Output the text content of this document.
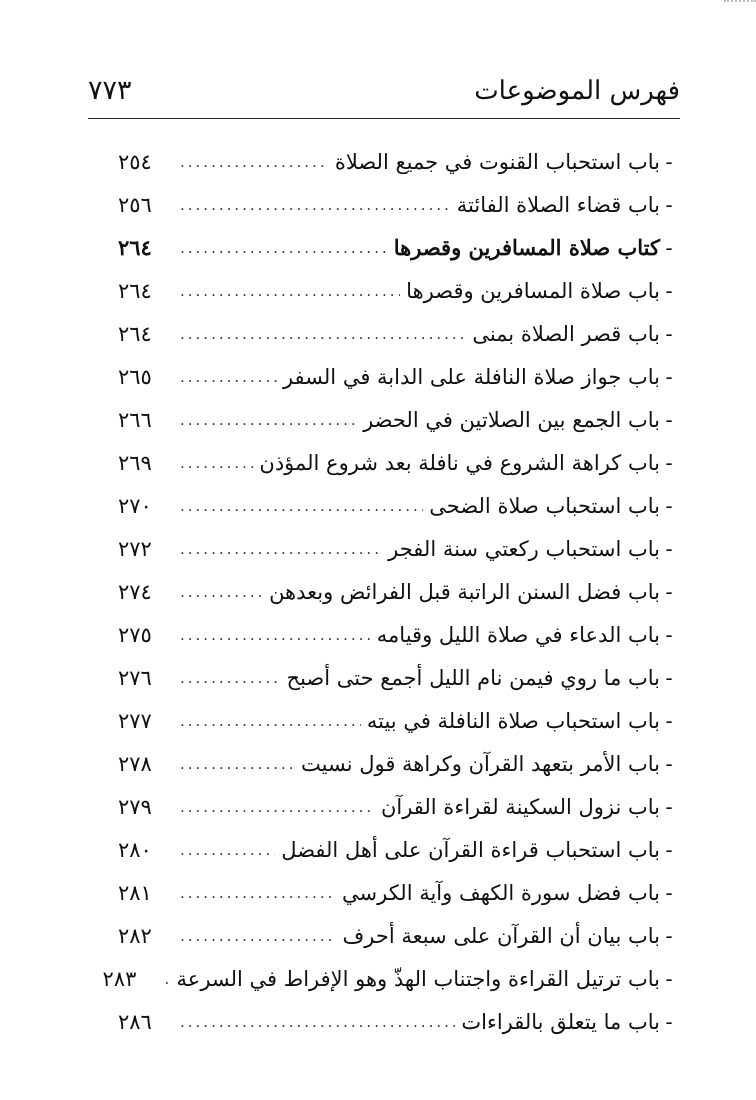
فهرس الموضوعات
٧٧٣
-
باب استحباب القنوت في جميع الصلاة
.....
٢٥٤
-
باب قضاء الصلاة الفائتة
.....
٢٥٦
-
كتاب صلاة المسافرين وقصرها
.....
٢٦٤
-
باب صلاة المسافرين وقصرها
.....
٢٦٤
-
باب قصر الصلاة بمنى
.....
٢٦٤
-
باب جواز صلاة النافلة على الدابة في السفر
.....
٢٦٥
-
باب الجمع بين الصلاتين في الحضر
.....
٢٦٦
-
باب كراهة الشروع في نافلة بعد شروع المؤذن
.....
٢٦٩
-
باب استحباب صلاة الضحى
.....
٢٧٠
-
باب استحباب ركعتي سنة الفجر
.....
٢٧٢
-
باب فضل السنن الراتبة قبل الفرائض وبعدهن
.....
٢٧٤
-
باب الدعاء في صلاة الليل وقيامه
.....
٢٧٥
-
باب ما روي فيمن نام الليل أجمع حتى أصبح
.....
٢٧٦
-
باب استحباب صلاة النافلة في بيته
.....
٢٧٧
-
باب الأمر بتعهد القرآن وكراهة قول نسيت
.....
٢٧٨
-
باب نزول السكينة لقراءة القرآن
.....
٢٧٩
-
باب استحباب قراءة القرآن على أهل الفضل
.....
٢٨٠
-
باب فضل سورة الكهف وآية الكرسي
.....
٢٨١
-
باب بيان أن القرآن على سبعة أحرف
.....
٢٨٢
-
باب ترتيل القراءة واجتناب الهذّ وهو الإفراط في السرعة
.....
٢٨٣
-
باب ما يتعلق بالقراءات
.....
٢٨٦
